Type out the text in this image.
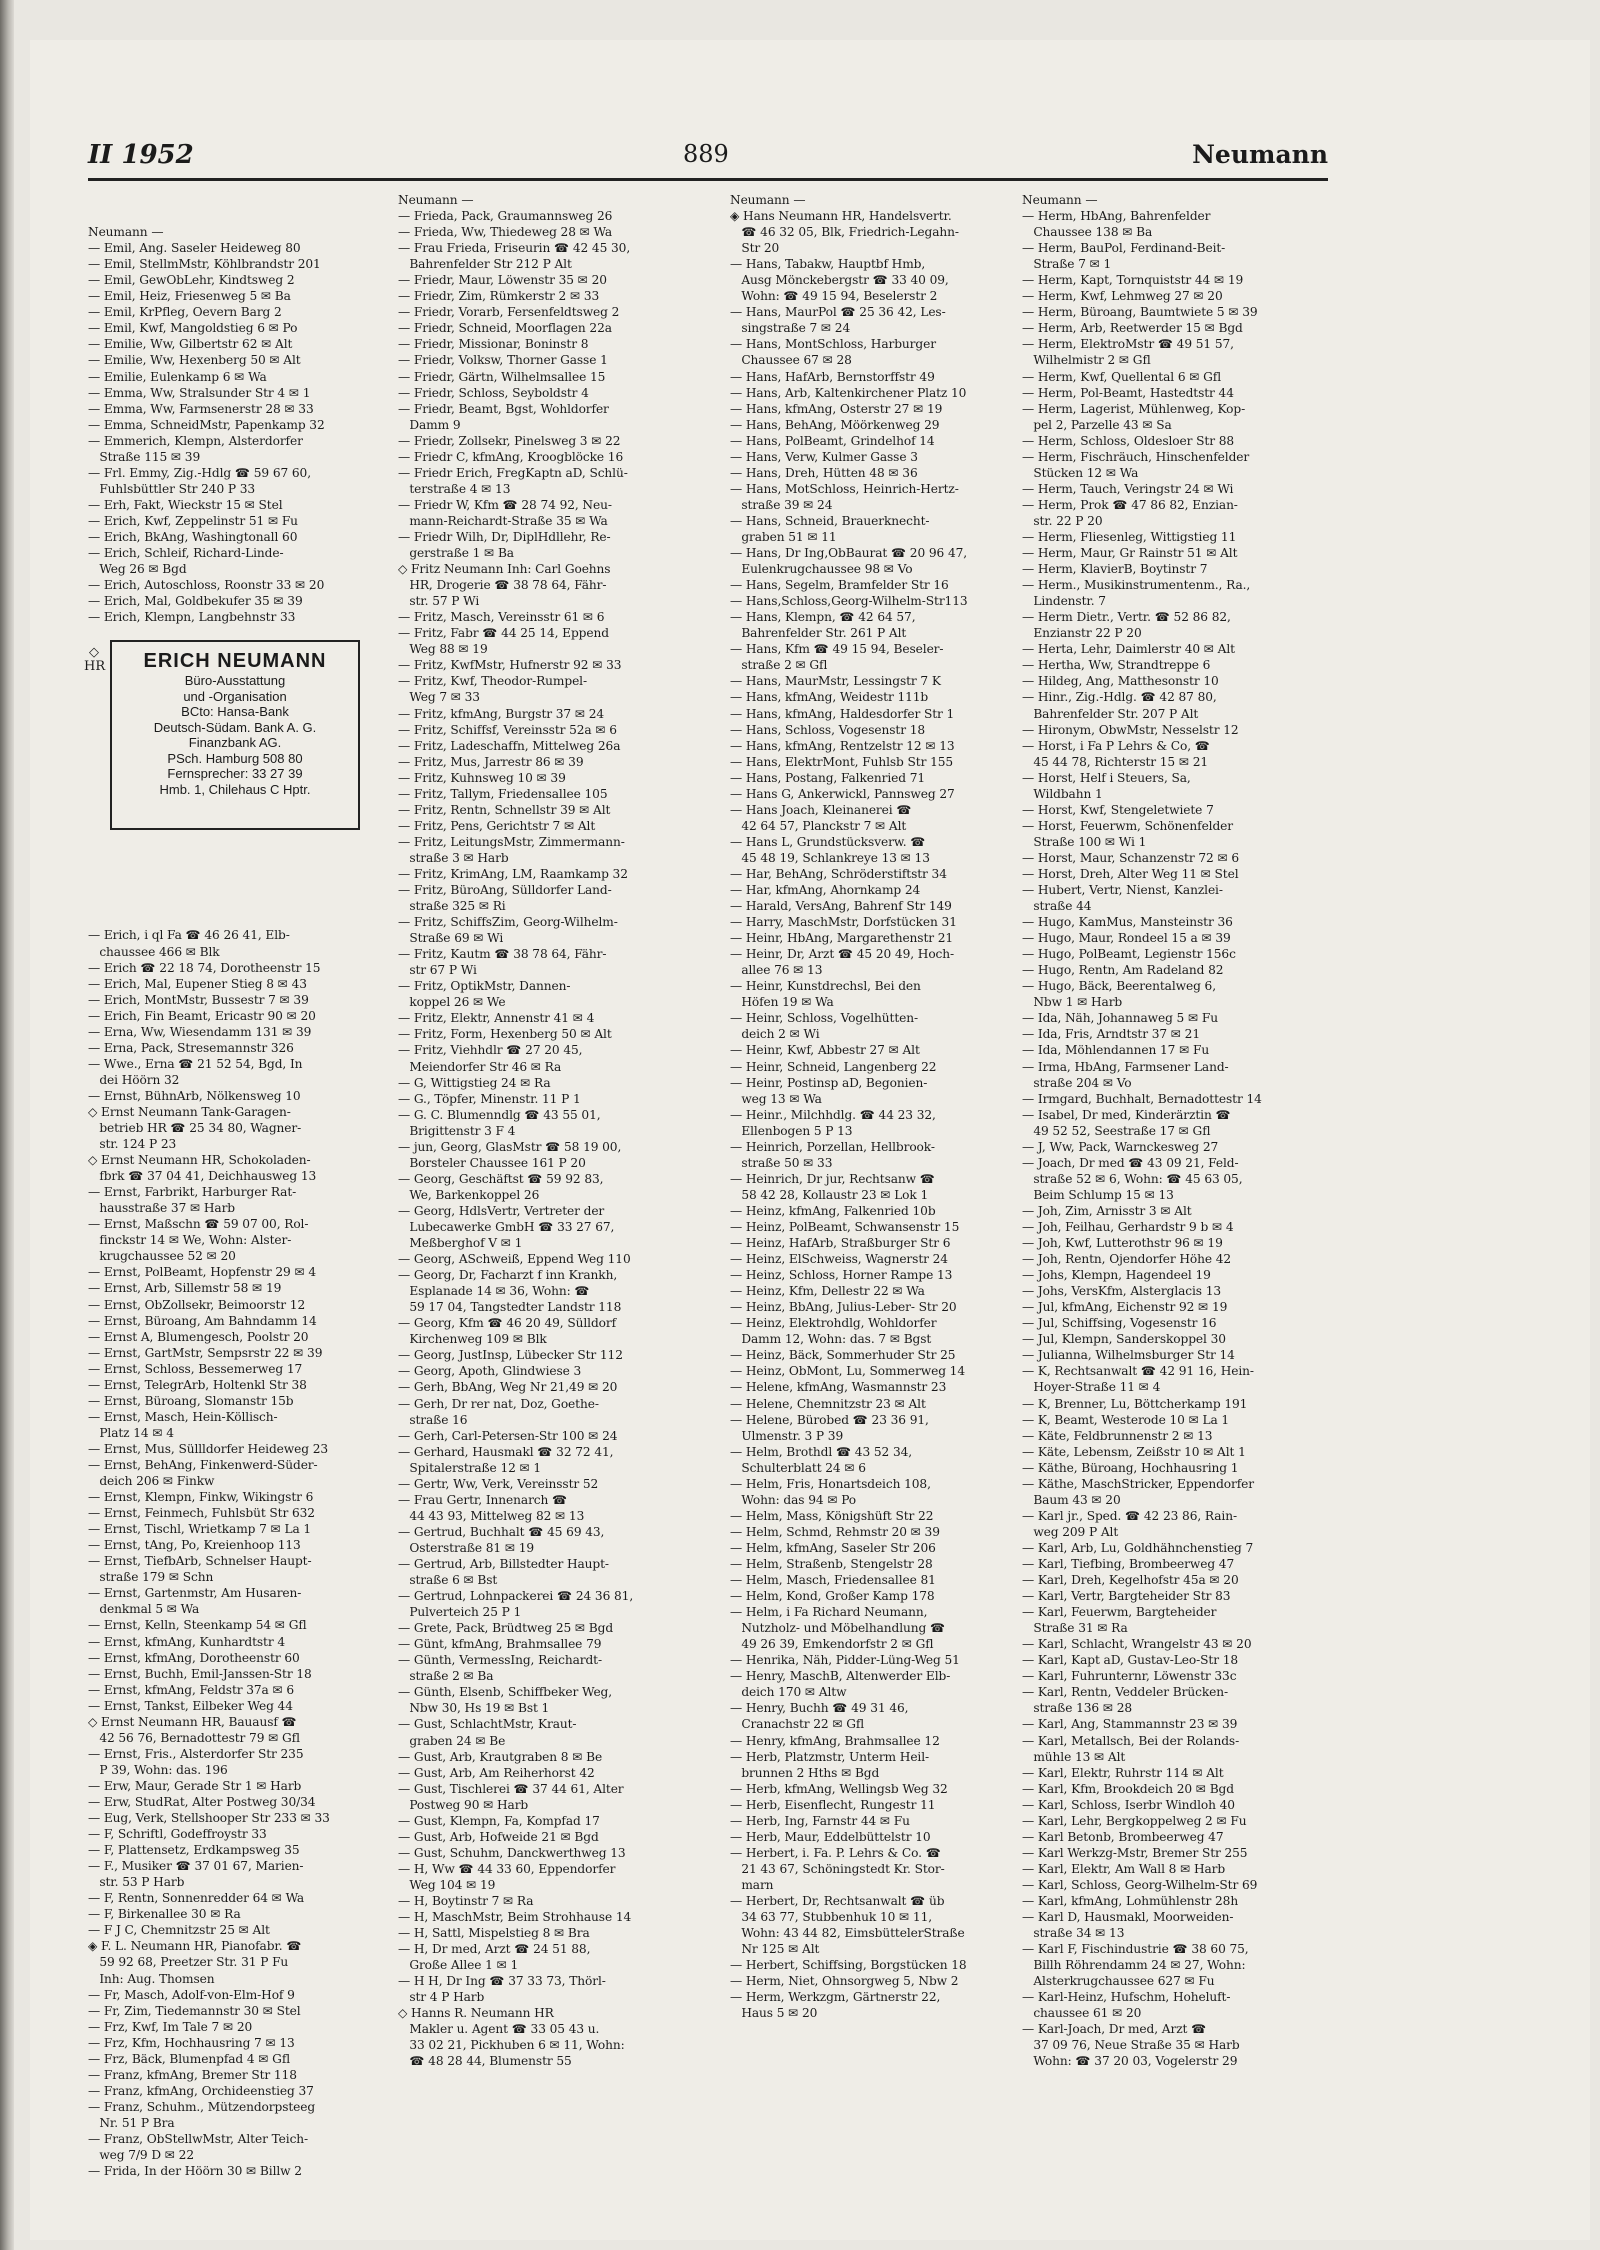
II 1952	889	Neumann

Neumann —
— Emil, Ang. Saseler Heideweg 80
— Emil, StellmMstr, Köhlbrandstr 201
— Emil, GewObLehr, Kindtsweg 2
— Emil, Heiz, Friesenweg 5 ✉ Ba
— Emil, KrPfleg, Oevern Barg 2
— Emil, Kwf, Mangoldstieg 6 ✉ Po
— Emilie, Ww, Gilbertstr 62 ✉ Alt
— Emilie, Ww, Hexenberg 50 ✉ Alt
— Emilie, Eulenkamp 6 ✉ Wa
— Emma, Ww, Stralsunder Str 4 ✉ 1
— Emma, Ww, Farmsenerstr 28 ✉ 33
— Emma, SchneidMstr, Papenkamp 32
— Emmerich, Klempn, Alsterdorfer
Straße 115 ✉ 39
— Frl. Emmy, Zig.-Hdlg ☎ 59 67 60,
Fuhlsbüttler Str 240 P 33
— Erh, Fakt, Wieckstr 15 ✉ Stel
— Erich, Kwf, Zeppelinstr 51 ✉ Fu
— Erich, BkAng, Washingtonall 60
— Erich, Schleif, Richard-Linde-
Weg 26 ✉ Bgd
— Erich, Autoschloss, Roonstr 33 ✉ 20
— Erich, Mal, Goldbekufer 35 ✉ 39
— Erich, Klempn, Langbehnstr 33

— Erich, i ql Fa ☎ 46 26 41, Elb-
chaussee 466 ✉ Blk
— Erich ☎ 22 18 74, Dorotheenstr 15
— Erich, Mal, Eupener Stieg 8 ✉ 43
— Erich, MontMstr, Bussestr 7 ✉ 39
— Erich, Fin Beamt, Ericastr 90 ✉ 20
— Erna, Ww, Wiesendamm 131 ✉ 39
— Erna, Pack, Stresemannstr 326
— Wwe., Erna ☎ 21 52 54, Bgd, In
dei Höörn 32
— Ernst, BühnArb, Nölkensweg 10
◇ Ernst Neumann Tank-Garagen-
betrieb HR ☎ 25 34 80, Wagner-
str. 124 P 23
◇ Ernst Neumann HR, Schokoladen-
fbrk ☎ 37 04 41, Deichhausweg 13
— Ernst, Farbrikt, Harburger Rat-
hausstraße 37 ✉ Harb
— Ernst, Maßschn ☎ 59 07 00, Rol-
finckstr 14 ✉ We, Wohn: Alster-
krugchaussee 52 ✉ 20
— Ernst, PolBeamt, Hopfenstr 29 ✉ 4
— Ernst, Arb, Sillemstr 58 ✉ 19
— Ernst, ObZollsekr, Beimoorstr 12
— Ernst, Büroang, Am Bahndamm 14
— Ernst A, Blumengesch, Poolstr 20
— Ernst, GartMstr, Sempsrstr 22 ✉ 39
— Ernst, Schloss, Bessemerweg 17
— Ernst, TelegrArb, Holtenkl Str 38
— Ernst, Büroang, Slomanstr 15b
— Ernst, Masch, Hein-Köllisch-
Platz 14 ✉ 4
— Ernst, Mus, Süllldorfer Heideweg 23
— Ernst, BehAng, Finkenwerd-Süder-
deich 206 ✉ Finkw
— Ernst, Klempn, Finkw, Wikingstr 6
— Ernst, Feinmech, Fuhlsbüt Str 632
— Ernst, Tischl, Wrietkamp 7 ✉ La 1
— Ernst, tAng, Po, Kreienhoop 113
— Ernst, TiefbArb, Schnelser Haupt-
straße 179 ✉ Schn
— Ernst, Gartenmstr, Am Husaren-
denkmal 5 ✉ Wa
— Ernst, Kelln, Steenkamp 54 ✉ Gfl
— Ernst, kfmAng, Kunhardtstr 4
— Ernst, kfmAng, Dorotheenstr 60
— Ernst, Buchh, Emil-Janssen-Str 18
— Ernst, kfmAng, Feldstr 37a ✉ 6
— Ernst, Tankst, Eilbeker Weg 44
◇ Ernst Neumann HR, Bauausf ☎
42 56 76, Bernadottestr 79 ✉ Gfl
— Ernst, Fris., Alsterdorfer Str 235
P 39, Wohn: das. 196
— Erw, Maur, Gerade Str 1 ✉ Harb
— Erw, StudRat, Alter Postweg 30/34
— Eug, Verk, Stellshooper Str 233 ✉ 33
— F, Schriftl, Godeffroystr 33
— F, Plattensetz, Erdkampsweg 35
— F., Musiker ☎ 37 01 67, Marien-
str. 53 P Harb
— F, Rentn, Sonnenredder 64 ✉ Wa
— F, Birkenallee 30 ✉ Ra
— F J C, Chemnitzstr 25 ✉ Alt
◈ F. L. Neumann HR, Pianofabr. ☎
59 92 68, Preetzer Str. 31 P Fu
Inh: Aug. Thomsen
— Fr, Masch, Adolf-von-Elm-Hof 9
— Fr, Zim, Tiedemannstr 30 ✉ Stel
— Frz, Kwf, Im Tale 7 ✉ 20
— Frz, Kfm, Hochhausring 7 ✉ 13
— Frz, Bäck, Blumenpfad 4 ✉ Gfl
— Franz, kfmAng, Bremer Str 118
— Franz, kfmAng, Orchideenstieg 37
— Franz, Schuhm., Mützendorpsteeg
Nr. 51 P Bra
— Franz, ObStellwMstr, Alter Teich-
weg 7/9 D ✉ 22
— Frida, In der Höörn 30 ✉ Billw 2

◇
HR	ERICH NEUMANN
Büro-Ausstattung
und -Organisation
BCto: Hansa-Bank
Deutsch-Südam. Bank A. G.
Finanzbank AG.
PSch. Hamburg 508 80
Fernsprecher: 33 27 39
Hmb. 1, Chilehaus C Hptr.
Neumann —
— Frieda, Pack, Graumannsweg 26
— Frieda, Ww, Thiedeweg 28 ✉ Wa
— Frau Frieda, Friseurin ☎ 42 45 30,
Bahrenfelder Str 212 P Alt
— Friedr, Maur, Löwenstr 35 ✉ 20
— Friedr, Zim, Rümkerstr 2 ✉ 33
— Friedr, Vorarb, Fersenfeldtsweg 2
— Friedr, Schneid, Moorflagen 22a
— Friedr, Missionar, Boninstr 8
— Friedr, Volksw, Thorner Gasse 1
— Friedr, Gärtn, Wilhelmsallee 15
— Friedr, Schloss, Seyboldstr 4
— Friedr, Beamt, Bgst, Wohldorfer
Damm 9
— Friedr, Zollsekr, Pinelsweg 3 ✉ 22
— Friedr C, kfmAng, Kroogblöcke 16
— Friedr Erich, FregKaptn aD, Schlü-
terstraße 4 ✉ 13
— Friedr W, Kfm ☎ 28 74 92, Neu-
mann-Reichardt-Straße 35 ✉ Wa
— Friedr Wilh, Dr, DiplHdllehr, Re-
gerstraße 1 ✉ Ba
◇ Fritz Neumann Inh: Carl Goehns
HR, Drogerie ☎ 38 78 64, Fähr-
str. 57 P Wi
— Fritz, Masch, Vereinsstr 61 ✉ 6
— Fritz, Fabr ☎ 44 25 14, Eppend
Weg 88 ✉ 19
— Fritz, KwfMstr, Hufnerstr 92 ✉ 33
— Fritz, Kwf, Theodor-Rumpel-
Weg 7 ✉ 33
— Fritz, kfmAng, Burgstr 37 ✉ 24
— Fritz, Schiffsf, Vereinsstr 52a ✉ 6
— Fritz, Ladeschaffn, Mittelweg 26a
— Fritz, Mus, Jarrestr 86 ✉ 39
— Fritz, Kuhnsweg 10 ✉ 39
— Fritz, Tallym, Friedensallee 105
— Fritz, Rentn, Schnellstr 39 ✉ Alt
— Fritz, Pens, Gerichtstr 7 ✉ Alt
— Fritz, LeitungsMstr, Zimmermann-
straße 3 ✉ Harb
— Fritz, KrimAng, LM, Raamkamp 32
— Fritz, BüroAng, Sülldorfer Land-
straße 325 ✉ Ri
— Fritz, SchiffsZim, Georg-Wilhelm-
Straße 69 ✉ Wi
— Fritz, Kautm ☎ 38 78 64, Fähr-
str 67 P Wi
— Fritz, OptikMstr, Dannen-
koppel 26 ✉ We
— Fritz, Elektr, Annenstr 41 ✉ 4
— Fritz, Form, Hexenberg 50 ✉ Alt
— Fritz, Viehhdlr ☎ 27 20 45,
Meiendorfer Str 46 ✉ Ra
— G, Wittigstieg 24 ✉ Ra
— G., Töpfer, Minenstr. 11 P 1
— G. C. Blumenndlg ☎ 43 55 01,
Brigittenstr 3 F 4
— jun, Georg, GlasMstr ☎ 58 19 00,
Borsteler Chaussee 161 P 20
— Georg, Geschäftst ☎ 59 92 83,
We, Barkenkoppel 26
— Georg, HdlsVertr, Vertreter der
Lubecawerke GmbH ☎ 33 27 67,
Meßberghof V ✉ 1
— Georg, ASchweiß, Eppend Weg 110
— Georg, Dr, Facharzt f inn Krankh,
Esplanade 14 ✉ 36, Wohn: ☎
59 17 04, Tangstedter Landstr 118
— Georg, Kfm ☎ 46 20 49, Sülldorf
Kirchenweg 109 ✉ Blk
— Georg, JustInsp, Lübecker Str 112
— Georg, Apoth, Glindwiese 3
— Gerh, BbAng, Weg Nr 21,49 ✉ 20
— Gerh, Dr rer nat, Doz, Goethe-
straße 16
— Gerh, Carl-Petersen-Str 100 ✉ 24
— Gerhard, Hausmakl ☎ 32 72 41,
Spitalerstraße 12 ✉ 1
— Gertr, Ww, Verk, Vereinsstr 52
— Frau Gertr, Innenarch ☎
44 43 93, Mittelweg 82 ✉ 13
— Gertrud, Buchhalt ☎ 45 69 43,
Osterstraße 81 ✉ 19
— Gertrud, Arb, Billstedter Haupt-
straße 6 ✉ Bst
— Gertrud, Lohnpackerei ☎ 24 36 81,
Pulverteich 25 P 1
— Grete, Pack, Brüdtweg 25 ✉ Bgd
— Günt, kfmAng, Brahmsallee 79
— Günth, VermessIng, Reichardt-
straße 2 ✉ Ba
— Günth, Elsenb, Schiffbeker Weg,
Nbw 30, Hs 19 ✉ Bst 1
— Gust, SchlachtMstr, Kraut-
graben 24 ✉ Be
— Gust, Arb, Krautgraben 8 ✉ Be
— Gust, Arb, Am Reiherhorst 42
— Gust, Tischlerei ☎ 37 44 61, Alter
Postweg 90 ✉ Harb
— Gust, Klempn, Fa, Kompfad 17
— Gust, Arb, Hofweide 21 ✉ Bgd
— Gust, Schuhm, Danckwerthweg 13
— H, Ww ☎ 44 33 60, Eppendorfer
Weg 104 ✉ 19
— H, Boytinstr 7 ✉ Ra
— H, MaschMstr, Beim Strohhause 14
— H, Sattl, Mispelstieg 8 ✉ Bra
— H, Dr med, Arzt ☎ 24 51 88,
Große Allee 1 ✉ 1
— H H, Dr Ing ☎ 37 33 73, Thörl-
str 4 P Harb
◇ Hanns R. Neumann HR
Makler u. Agent ☎ 33 05 43 u.
33 02 21, Pickhuben 6 ✉ 11, Wohn:
☎ 48 28 44, Blumenstr 55
Neumann —
◈ Hans Neumann HR, Handelsvertr.
☎ 46 32 05, Blk, Friedrich-Legahn-
Str 20
— Hans, Tabakw, Hauptbf Hmb,
Ausg Mönckebergstr ☎ 33 40 09,
Wohn: ☎ 49 15 94, Beselerstr 2
— Hans, MaurPol ☎ 25 36 42, Les-
singstraße 7 ✉ 24
— Hans, MontSchloss, Harburger
Chaussee 67 ✉ 28
— Hans, HafArb, Bernstorffstr 49
— Hans, Arb, Kaltenkirchener Platz 10
— Hans, kfmAng, Osterstr 27 ✉ 19
— Hans, BehAng, Möörkenweg 29
— Hans, PolBeamt, Grindelhof 14
— Hans, Verw, Kulmer Gasse 3
— Hans, Dreh, Hütten 48 ✉ 36
— Hans, MotSchloss, Heinrich-Hertz-
straße 39 ✉ 24
— Hans, Schneid, Brauerknecht-
graben 51 ✉ 11
— Hans, Dr Ing,ObBaurat ☎ 20 96 47,
Eulenkrugchaussee 98 ✉ Vo
— Hans, Segelm, Bramfelder Str 16
— Hans,Schloss,Georg-Wilhelm-Str113
— Hans, Klempn, ☎ 42 64 57,
Bahrenfelder Str. 261 P Alt
— Hans, Kfm ☎ 49 15 94, Beseler-
straße 2 ✉ Gfl
— Hans, MaurMstr, Lessingstr 7 K
— Hans, kfmAng, Weidestr 111b
— Hans, kfmAng, Haldesdorfer Str 1
— Hans, Schloss, Vogesenstr 18
— Hans, kfmAng, Rentzelstr 12 ✉ 13
— Hans, ElektrMont, Fuhlsb Str 155
— Hans, Postang, Falkenried 71
— Hans G, Ankerwickl, Pannsweg 27
— Hans Joach, Kleinanerei ☎
42 64 57, Planckstr 7 ✉ Alt
— Hans L, Grundstücksverw. ☎
45 48 19, Schlankreye 13 ✉ 13
— Har, BehAng, Schröderstiftstr 34
— Har, kfmAng, Ahornkamp 24
— Harald, VersAng, Bahrenf Str 149
— Harry, MaschMstr, Dorfstücken 31
— Heinr, HbAng, Margarethenstr 21
— Heinr, Dr, Arzt ☎ 45 20 49, Hoch-
allee 76 ✉ 13
— Heinr, Kunstdrechsl, Bei den
Höfen 19 ✉ Wa
— Heinr, Schloss, Vogelhütten-
deich 2 ✉ Wi
— Heinr, Kwf, Abbestr 27 ✉ Alt
— Heinr, Schneid, Langenberg 22
— Heinr, Postinsp aD, Begonien-
weg 13 ✉ Wa
— Heinr., Milchhdlg. ☎ 44 23 32,
Ellenbogen 5 P 13
— Heinrich, Porzellan, Hellbrook-
straße 50 ✉ 33
— Heinrich, Dr jur, Rechtsanw ☎
58 42 28, Kollaustr 23 ✉ Lok 1
— Heinz, kfmAng, Falkenried 10b
— Heinz, PolBeamt, Schwansenstr 15
— Heinz, HafArb, Straßburger Str 6
— Heinz, ElSchweiss, Wagnerstr 24
— Heinz, Schloss, Horner Rampe 13
— Heinz, Kfm, Dellestr 22 ✉ Wa
— Heinz, BbAng, Julius-Leber- Str 20
— Heinz, Elektrohdlg, Wohldorfer
Damm 12, Wohn: das. 7 ✉ Bgst
— Heinz, Bäck, Sommerhuder Str 25
— Heinz, ObMont, Lu, Sommerweg 14
— Helene, kfmAng, Wasmannstr 23
— Helene, Chemnitzstr 23 ✉ Alt
— Helene, Bürobed ☎ 23 36 91,
Ulmenstr. 3 P 39
— Helm, Brothdl ☎ 43 52 34,
Schulterblatt 24 ✉ 6
— Helm, Fris, Honartsdeich 108,
Wohn: das 94 ✉ Po
— Helm, Mass, Königshüft Str 22
— Helm, Schmd, Rehmstr 20 ✉ 39
— Helm, kfmAng, Saseler Str 206
— Helm, Straßenb, Stengelstr 28
— Helm, Masch, Friedensallee 81
— Helm, Kond, Großer Kamp 178
— Helm, i Fa Richard Neumann,
Nutzholz- und Möbelhandlung ☎
49 26 39, Emkendorfstr 2 ✉ Gfl
— Henrika, Näh, Pidder-Lüng-Weg 51
— Henry, MaschB, Altenwerder Elb-
deich 170 ✉ Altw
— Henry, Buchh ☎ 49 31 46,
Cranachstr 22 ✉ Gfl
— Henry, kfmAng, Brahmsallee 12
— Herb, Platzmstr, Unterm Heil-
brunnen 2 Hths ✉ Bgd
— Herb, kfmAng, Wellingsb Weg 32
— Herb, Eisenflecht, Rungestr 11
— Herb, Ing, Farnstr 44 ✉ Fu
— Herb, Maur, Eddelbüttelstr 10
— Herbert, i. Fa. P. Lehrs & Co. ☎
21 43 67, Schöningstedt Kr. Stor-
marn
— Herbert, Dr, Rechtsanwalt ☎ üb
34 63 77, Stubbenhuk 10 ✉ 11,
Wohn: 43 44 82, EimsbüttelerStraße
Nr 125 ✉ Alt
— Herbert, Schiffsing, Borgstücken 18
— Herm, Niet, Ohnsorgweg 5, Nbw 2
— Herm, Werkzgm, Gärtnerstr 22,
Haus 5 ✉ 20
Neumann —
— Herm, HbAng, Bahrenfelder
Chaussee 138 ✉ Ba
— Herm, BauPol, Ferdinand-Beit-
Straße 7 ✉ 1
— Herm, Kapt, Tornquiststr 44 ✉ 19
— Herm, Kwf, Lehmweg 27 ✉ 20
— Herm, Büroang, Baumtwiete 5 ✉ 39
— Herm, Arb, Reetwerder 15 ✉ Bgd
— Herm, ElektroMstr ☎ 49 51 57,
Wilhelmistr 2 ✉ Gfl
— Herm, Kwf, Quellental 6 ✉ Gfl
— Herm, Pol-Beamt, Hastedtstr 44
— Herm, Lagerist, Mühlenweg, Kop-
pel 2, Parzelle 43 ✉ Sa
— Herm, Schloss, Oldesloer Str 88
— Herm, Fischräuch, Hinschenfelder
Stücken 12 ✉ Wa
— Herm, Tauch, Veringstr 24 ✉ Wi
— Herm, Prok ☎ 47 86 82, Enzian-
str. 22 P 20
— Herm, Fliesenleg, Wittigstieg 11
— Herm, Maur, Gr Rainstr 51 ✉ Alt
— Herm, KlavierB, Boytinstr 7
— Herm., Musikinstrumentenm., Ra.,
Lindenstr. 7
— Herm Dietr., Vertr. ☎ 52 86 82,
Enzianstr 22 P 20
— Herta, Lehr, Daimlerstr 40 ✉ Alt
— Hertha, Ww, Strandtreppe 6
— Hildeg, Ang, Matthesonstr 10
— Hinr., Zig.-Hdlg. ☎ 42 87 80,
Bahrenfelder Str. 207 P Alt
— Hironym, ObwMstr, Nesselstr 12
— Horst, i Fa P Lehrs & Co, ☎
45 44 78, Richterstr 15 ✉ 21
— Horst, Helf i Steuers, Sa,
Wildbahn 1
— Horst, Kwf, Stengeletwiete 7
— Horst, Feuerwm, Schönenfelder
Straße 100 ✉ Wi 1
— Horst, Maur, Schanzenstr 72 ✉ 6
— Horst, Dreh, Alter Weg 11 ✉ Stel
— Hubert, Vertr, Nienst, Kanzlei-
straße 44
— Hugo, KamMus, Mansteinstr 36
— Hugo, Maur, Rondeel 15 a ✉ 39
— Hugo, PolBeamt, Legienstr 156c
— Hugo, Rentn, Am Radeland 82
— Hugo, Bäck, Beerentalweg 6,
Nbw 1 ✉ Harb
— Ida, Näh, Johannaweg 5 ✉ Fu
— Ida, Fris, Arndtstr 37 ✉ 21
— Ida, Möhlendannen 17 ✉ Fu
— Irma, HbAng, Farmsener Land-
straße 204 ✉ Vo
— Irmgard, Buchhalt, Bernadottestr 14
— Isabel, Dr med, Kinderärztin ☎
49 52 52, Seestraße 17 ✉ Gfl
— J, Ww, Pack, Warnckesweg 27
— Joach, Dr med ☎ 43 09 21, Feld-
straße 52 ✉ 6, Wohn: ☎ 45 63 05,
Beim Schlump 15 ✉ 13
— Joh, Zim, Arnisstr 3 ✉ Alt
— Joh, Feilhau, Gerhardstr 9 b ✉ 4
— Joh, Kwf, Lutterothstr 96 ✉ 19
— Joh, Rentn, Ojendorfer Höhe 42
— Johs, Klempn, Hagendeel 19
— Johs, VersKfm, Alsterglacis 13
— Jul, kfmAng, Eichenstr 92 ✉ 19
— Jul, Schiffsing, Vogesenstr 16
— Jul, Klempn, Sanderskoppel 30
— Julianna, Wilhelmsburger Str 14
— K, Rechtsanwalt ☎ 42 91 16, Hein-
Hoyer-Straße 11 ✉ 4
— K, Brenner, Lu, Böttcherkamp 191
— K, Beamt, Westerode 10 ✉ La 1
— Käte, Feldbrunnenstr 2 ✉ 13
— Käte, Lebensm, Zeißstr 10 ✉ Alt 1
— Käthe, Büroang, Hochhausring 1
— Käthe, MaschStricker, Eppendorfer
Baum 43 ✉ 20
— Karl jr., Sped. ☎ 42 23 86, Rain-
weg 209 P Alt
— Karl, Arb, Lu, Goldhähnchenstieg 7
— Karl, Tiefbing, Brombeerweg 47
— Karl, Dreh, Kegelhofstr 45a ✉ 20
— Karl, Vertr, Bargteheider Str 83
— Karl, Feuerwm, Bargteheider
Straße 31 ✉ Ra
— Karl, Schlacht, Wrangelstr 43 ✉ 20
— Karl, Kapt aD, Gustav-Leo-Str 18
— Karl, Fuhrunternr, Löwenstr 33c
— Karl, Rentn, Veddeler Brücken-
straße 136 ✉ 28
— Karl, Ang, Stammannstr 23 ✉ 39
— Karl, Metallsch, Bei der Rolands-
mühle 13 ✉ Alt
— Karl, Elektr, Ruhrstr 114 ✉ Alt
— Karl, Kfm, Brookdeich 20 ✉ Bgd
— Karl, Schloss, Iserbr Windloh 40
— Karl, Lehr, Bergkoppelweg 2 ✉ Fu
— Karl Betonb, Brombeerweg 47
— Karl Werkzg-Mstr, Bremer Str 255
— Karl, Elektr, Am Wall 8 ✉ Harb
— Karl, Schloss, Georg-Wilhelm-Str 69
— Karl, kfmAng, Lohmühlenstr 28h
— Karl D, Hausmakl, Moorweiden-
straße 34 ✉ 13
— Karl F, Fischindustrie ☎ 38 60 75,
Billh Röhrendamm 24 ✉ 27, Wohn:
Alsterkrugchaussee 627 ✉ Fu
— Karl-Heinz, Hufschm, Hoheluft-
chaussee 61 ✉ 20
— Karl-Joach, Dr med, Arzt ☎
37 09 76, Neue Straße 35 ✉ Harb
Wohn: ☎ 37 20 03, Vogelerstr 29
